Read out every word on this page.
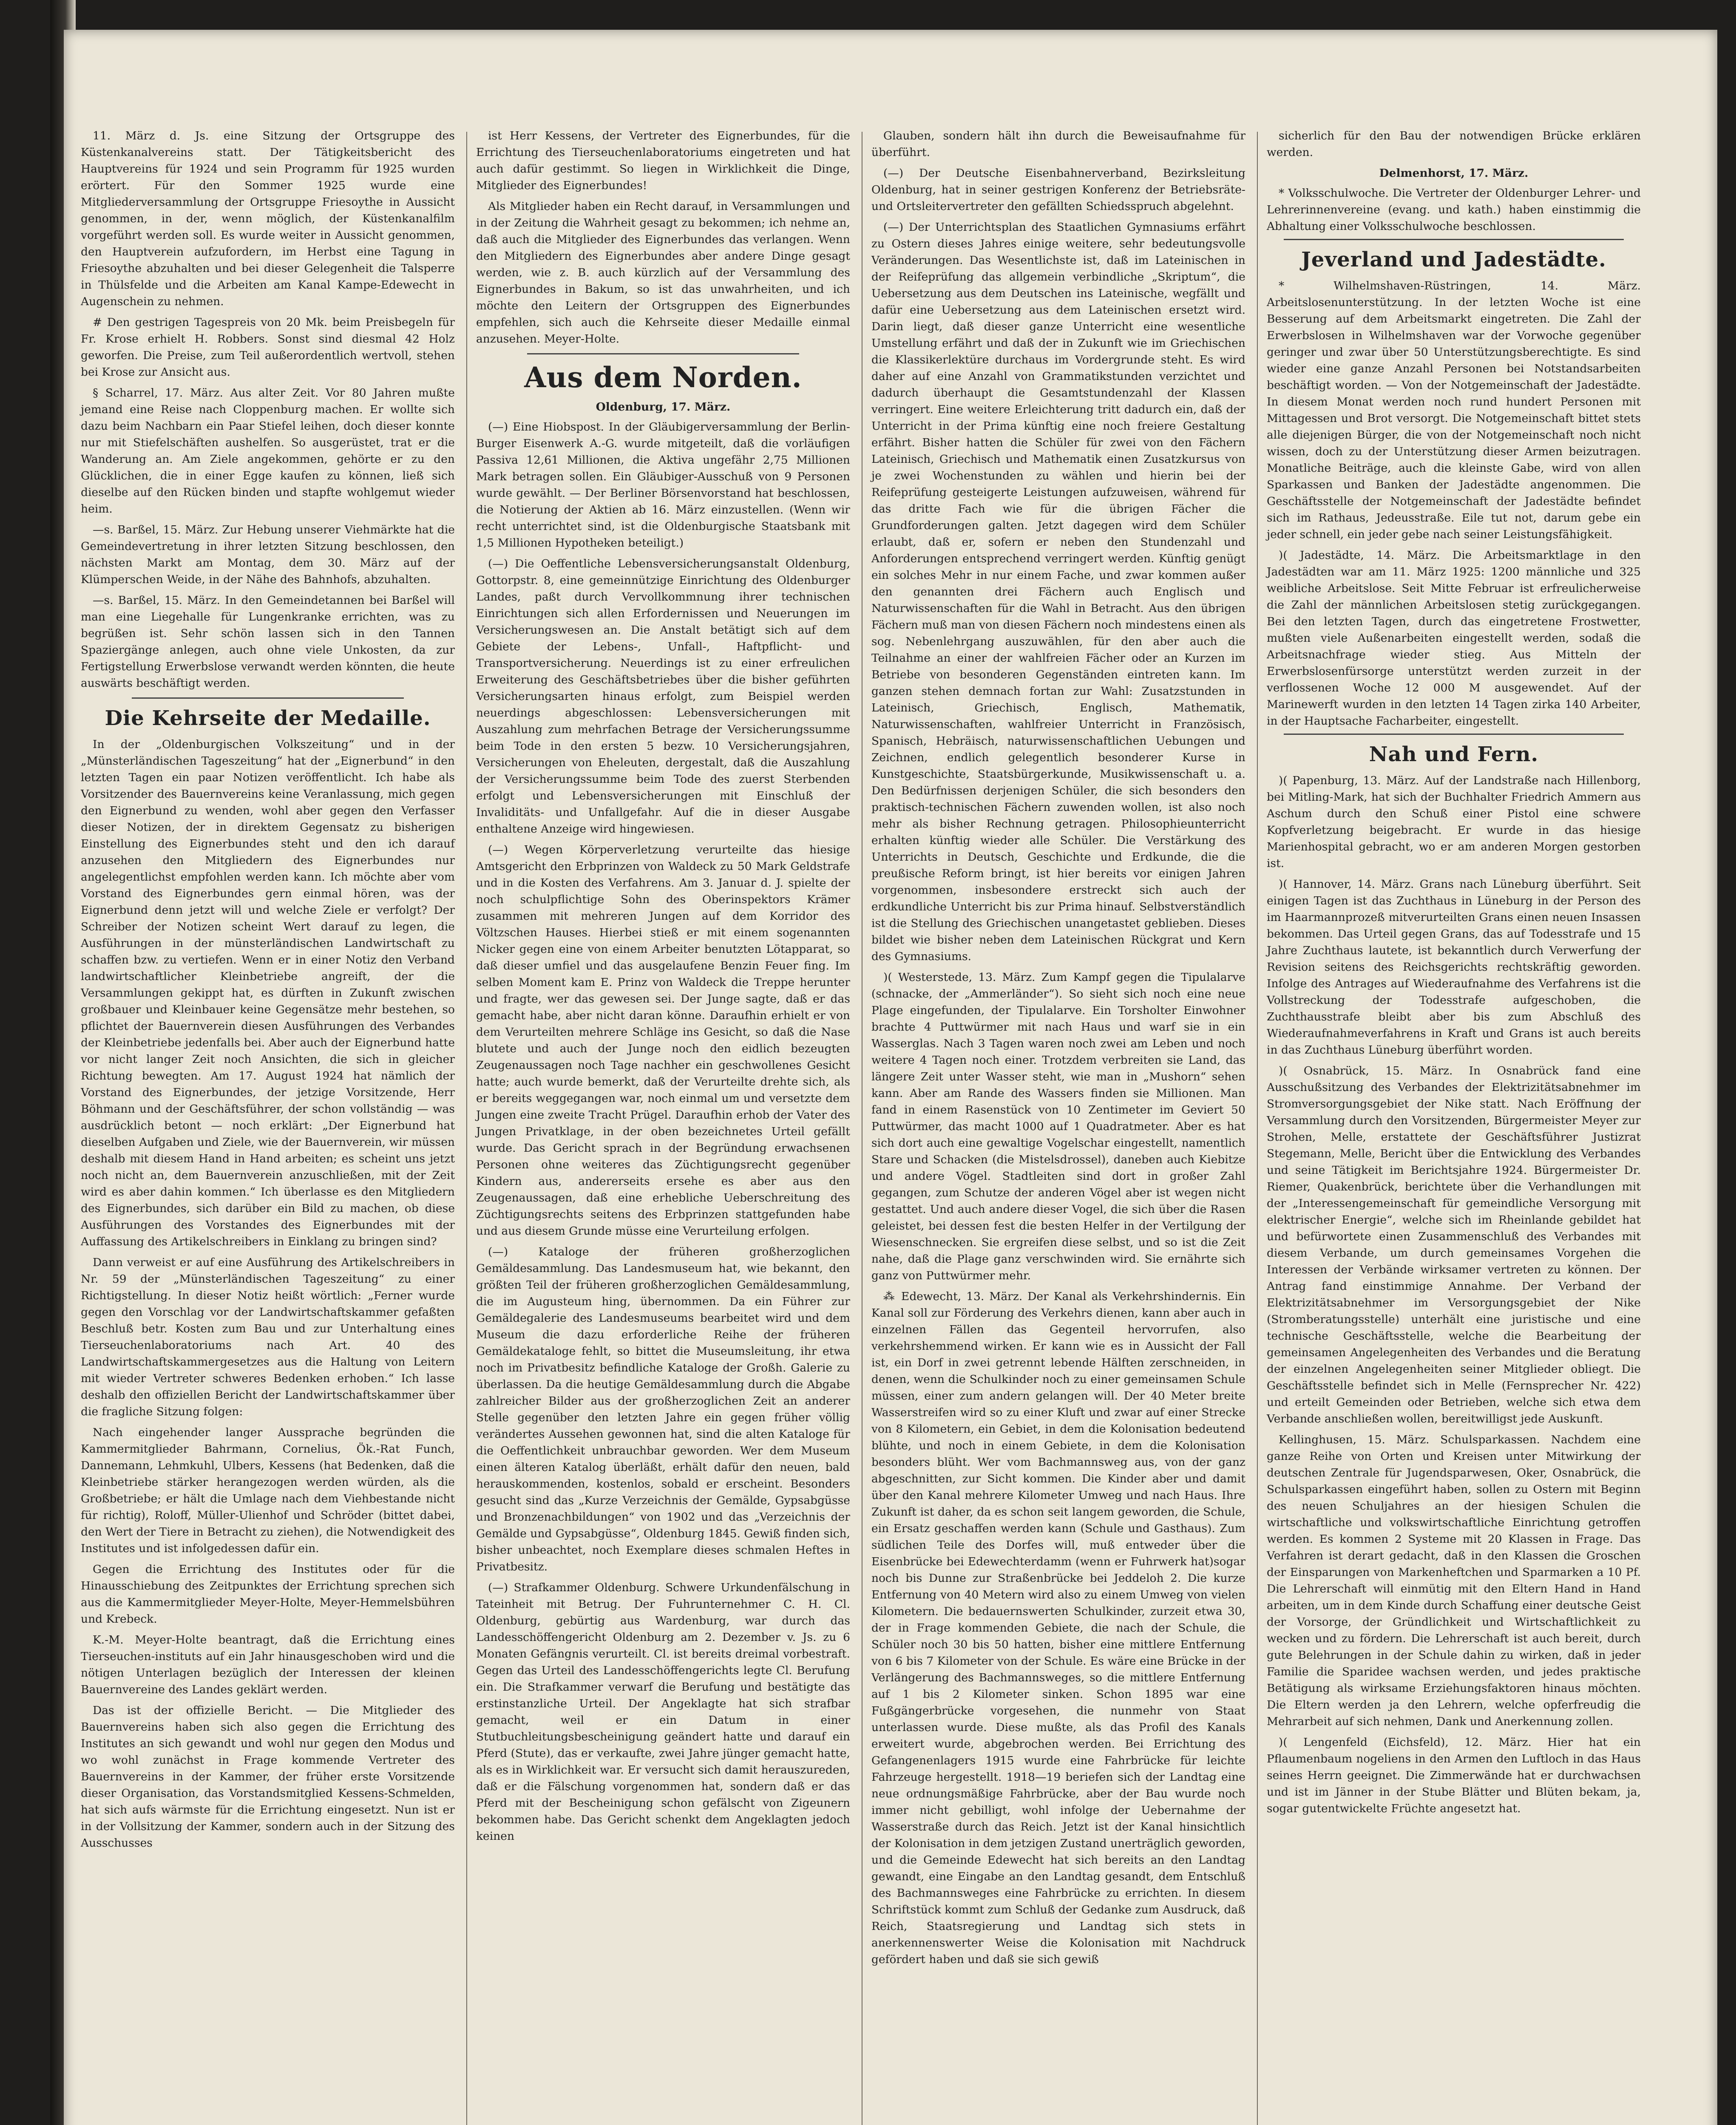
11. März d. Js. eine Sitzung der Ortsgruppe des Küstenkanalvereins statt. Der Tätigkeitsbericht des Hauptvereins für 1924 und sein Programm für 1925 wurden erörtert. Für den Sommer 1925 wurde eine Mitgliederversammlung der Ortsgruppe Friesoythe in Aussicht genommen, in der, wenn möglich, der Küstenkanalfilm vorgeführt werden soll. Es wurde weiter in Aussicht genommen, den Hauptverein aufzufordern, im Herbst eine Tagung in Friesoythe abzuhalten und bei dieser Gelegenheit die Talsperre in Thülsfelde und die Arbeiten am Kanal Kampe-Edewecht in Augenschein zu nehmen.

# Den gestrigen Tagespreis von 20 Mk. beim Preisbegeln für Fr. Krose erhielt H. Robbers. Sonst sind diesmal 42 Holz geworfen. Die Preise, zum Teil außerordentlich wertvoll, stehen bei Krose zur Ansicht aus.

§ Scharrel, 17. März. Aus alter Zeit. Vor 80 Jahren mußte jemand eine Reise nach Cloppenburg machen. Er wollte sich dazu beim Nachbarn ein Paar Stiefel leihen, doch dieser konnte nur mit Stiefelschäften aushelfen. So ausgerüstet, trat er die Wanderung an. Am Ziele angekommen, gehörte er zu den Glücklichen, die in einer Egge kaufen zu können, ließ sich dieselbe auf den Rücken binden und stapfte wohlgemut wieder heim.

—s. Barßel, 15. März. Zur Hebung unserer Viehmärkte hat die Gemeindevertretung in ihrer letzten Sitzung beschlossen, den nächsten Markt am Montag, dem 30. März auf der Klümperschen Weide, in der Nähe des Bahnhofs, abzuhalten.

—s. Barßel, 15. März. In den Gemeindetannen bei Barßel will man eine Liegehalle für Lungenkranke errichten, was zu begrüßen ist. Sehr schön lassen sich in den Tannen Spaziergänge anlegen, auch ohne viele Unkosten, da zur Fertigstellung Erwerbslose verwandt werden könnten, die heute auswärts beschäftigt werden.

Die Kehrseite der Medaille.

In der „Oldenburgischen Volkszeitung“ und in der „Münsterländischen Tageszeitung“ hat der „Eignerbund“ in den letzten Tagen ein paar Notizen veröffentlicht. Ich habe als Vorsitzender des Bauernvereins keine Veranlassung, mich gegen den Eignerbund zu wenden, wohl aber gegen den Verfasser dieser Notizen, der in direktem Gegensatz zu bisherigen Einstellung des Eignerbundes steht und den ich darauf anzusehen den Mitgliedern des Eignerbundes nur angelegentlichst empfohlen werden kann. Ich möchte aber vom Vorstand des Eignerbundes gern einmal hören, was der Eignerbund denn jetzt will und welche Ziele er verfolgt? Der Schreiber der Notizen scheint Wert darauf zu legen, die Ausführungen in der münsterländischen Landwirtschaft zu schaffen bzw. zu vertiefen. Wenn er in einer Notiz den Verband landwirtschaftlicher Kleinbetriebe angreift, der die Versammlungen gekippt hat, es dürften in Zukunft zwischen großbauer und Kleinbauer keine Gegensätze mehr bestehen, so pflichtet der Bauernverein diesen Ausführungen des Verbandes der Kleinbetriebe jedenfalls bei. Aber auch der Eignerbund hatte vor nicht langer Zeit noch Ansichten, die sich in gleicher Richtung bewegten. Am 17. August 1924 hat nämlich der Vorstand des Eignerbundes, der jetzige Vorsitzende, Herr Böhmann und der Geschäftsführer, der schon vollständig — was ausdrücklich betont — noch erklärt: „Der Eignerbund hat dieselben Aufgaben und Ziele, wie der Bauernverein, wir müssen deshalb mit diesem Hand in Hand arbeiten; es scheint uns jetzt noch nicht an, dem Bauernverein anzuschließen, mit der Zeit wird es aber dahin kommen.“ Ich überlasse es den Mitgliedern des Eignerbundes, sich darüber ein Bild zu machen, ob diese Ausführungen des Vorstandes des Eignerbundes mit der Auffassung des Artikelschreibers in Einklang zu bringen sind?

Dann verweist er auf eine Ausführung des Artikelschreibers in Nr. 59 der „Münsterländischen Tageszeitung“ zu einer Richtigstellung. In dieser Notiz heißt wörtlich: „Ferner wurde gegen den Vorschlag vor der Landwirtschaftskammer gefaßten Beschluß betr. Kosten zum Bau und zur Unterhaltung eines Tierseuchenlaboratoriums nach Art. 40 des Landwirtschaftskammergesetzes aus die Haltung von Leitern mit wieder Vertreter schweres Bedenken erhoben.“ Ich lasse deshalb den offiziellen Bericht der Landwirtschaftskammer über die fragliche Sitzung folgen:

Nach eingehender langer Aussprache begründen die Kammermitglieder Bahrmann, Cornelius, Ök.-Rat Funch, Dannemann, Lehmkuhl, Ulbers, Kessens (hat Bedenken, daß die Kleinbetriebe stärker herangezogen werden würden, als die Großbetriebe; er hält die Umlage nach dem Viehbestande nicht für richtig), Roloff, Müller-Ulienhof und Schröder (bittet dabei, den Wert der Tiere in Betracht zu ziehen), die Notwendigkeit des Institutes und ist infolgedessen dafür ein.

Gegen die Errichtung des Institutes oder für die Hinausschiebung des Zeitpunktes der Errichtung sprechen sich aus die Kammermitglieder Meyer-Holte, Meyer-Hemmelsbühren und Krebeck.

K.-M. Meyer-Holte beantragt, daß die Errichtung eines Tierseuchen-instituts auf ein Jahr hinausgeschoben wird und die nötigen Unterlagen bezüglich der Interessen der kleinen Bauernvereine des Landes geklärt werden.

Das ist der offizielle Bericht. — Die Mitglieder des Bauernvereins haben sich also gegen die Errichtung des Institutes an sich gewandt und wohl nur gegen den Modus und wo wohl zunächst in Frage kommende Vertreter des Bauernvereins in der Kammer, der früher erste Vorsitzende dieser Organisation, das Vorstandsmitglied Kessens-Schmelden, hat sich aufs wärmste für die Errichtung eingesetzt. Nun ist er in der Vollsitzung der Kammer, sondern auch in der Sitzung des Ausschusses

ist Herr Kessens, der Vertreter des Eignerbundes, für die Errichtung des Tierseuchenlaboratoriums eingetreten und hat auch dafür gestimmt. So liegen in Wirklichkeit die Dinge, Mitglieder des Eignerbundes!

Als Mitglieder haben ein Recht darauf, in Versammlungen und in der Zeitung die Wahrheit gesagt zu bekommen; ich nehme an, daß auch die Mitglieder des Eignerbundes das verlangen. Wenn den Mitgliedern des Eignerbundes aber andere Dinge gesagt werden, wie z. B. auch kürzlich auf der Versammlung des Eignerbundes in Bakum, so ist das unwahrheiten, und ich möchte den Leitern der Ortsgruppen des Eignerbundes empfehlen, sich auch die Kehrseite dieser Medaille einmal anzusehen. Meyer-Holte.

Aus dem Norden.
Oldenburg, 17. März.

(—) Eine Hiobspost. In der Gläubigerversammlung der Berlin-Burger Eisenwerk A.-G. wurde mitgeteilt, daß die vorläufigen Passiva 12,61 Millionen, die Aktiva ungefähr 2,75 Millionen Mark betragen sollen. Ein Gläubiger-Ausschuß von 9 Personen wurde gewählt. — Der Berliner Börsenvorstand hat beschlossen, die Notierung der Aktien ab 16. März einzustellen. (Wenn wir recht unterrichtet sind, ist die Oldenburgische Staatsbank mit 1,5 Millionen Hypotheken beteiligt.)

(—) Die Oeffentliche Lebensversicherungsanstalt Oldenburg, Gottorpstr. 8, eine gemeinnützige Einrichtung des Oldenburger Landes, paßt durch Vervollkommnung ihrer technischen Einrichtungen sich allen Erfordernissen und Neuerungen im Versicherungswesen an. Die Anstalt betätigt sich auf dem Gebiete der Lebens-, Unfall-, Haftpflicht- und Transportversicherung. Neuerdings ist zu einer erfreulichen Erweiterung des Geschäftsbetriebes über die bisher geführten Versicherungsarten hinaus erfolgt, zum Beispiel werden neuerdings abgeschlossen: Lebensversicherungen mit Auszahlung zum mehrfachen Betrage der Versicherungssumme beim Tode in den ersten 5 bezw. 10 Versicherungsjahren, Versicherungen von Eheleuten, dergestalt, daß die Auszahlung der Versicherungssumme beim Tode des zuerst Sterbenden erfolgt und Lebensversicherungen mit Einschluß der Invaliditäts- und Unfallgefahr. Auf die in dieser Ausgabe enthaltene Anzeige wird hingewiesen.

(—) Wegen Körperverletzung verurteilte das hiesige Amtsgericht den Erbprinzen von Waldeck zu 50 Mark Geldstrafe und in die Kosten des Verfahrens. Am 3. Januar d. J. spielte der noch schulpflichtige Sohn des Oberinspektors Krämer zusammen mit mehreren Jungen auf dem Korridor des Völtzschen Hauses. Hierbei stieß er mit einem sogenannten Nicker gegen eine von einem Arbeiter benutzten Lötapparat, so daß dieser umfiel und das ausgelaufene Benzin Feuer fing. Im selben Moment kam E. Prinz von Waldeck die Treppe herunter und fragte, wer das gewesen sei. Der Junge sagte, daß er das gemacht habe, aber nicht daran könne. Daraufhin erhielt er von dem Verurteilten mehrere Schläge ins Gesicht, so daß die Nase blutete und auch der Junge noch den eidlich bezeugten Zeugenaussagen noch Tage nachher ein geschwollenes Gesicht hatte; auch wurde bemerkt, daß der Verurteilte drehte sich, als er bereits weggegangen war, noch einmal um und versetzte dem Jungen eine zweite Tracht Prügel. Daraufhin erhob der Vater des Jungen Privatklage, in der oben bezeichnetes Urteil gefällt wurde. Das Gericht sprach in der Begründung erwachsenen Personen ohne weiteres das Züchtigungsrecht gegenüber Kindern aus, andererseits ersehe es aber aus den Zeugenaussagen, daß eine erhebliche Ueberschreitung des Züchtigungsrechts seitens des Erbprinzen stattgefunden habe und aus diesem Grunde müsse eine Verurteilung erfolgen.

(—) Kataloge der früheren großherzoglichen Gemäldesammlung. Das Landesmuseum hat, wie bekannt, den größten Teil der früheren großherzoglichen Gemäldesammlung, die im Augusteum hing, übernommen. Da ein Führer zur Gemäldegalerie des Landesmuseums bearbeitet wird und dem Museum die dazu erforderliche Reihe der früheren Gemäldekataloge fehlt, so bittet die Museumsleitung, ihr etwa noch im Privatbesitz befindliche Kataloge der Großh. Galerie zu überlassen. Da die heutige Gemäldesammlung durch die Abgabe zahlreicher Bilder aus der großherzoglichen Zeit an anderer Stelle gegenüber den letzten Jahre ein gegen früher völlig verändertes Aussehen gewonnen hat, sind die alten Kataloge für die Oeffentlichkeit unbrauchbar geworden. Wer dem Museum einen älteren Katalog überläßt, erhält dafür den neuen, bald herauskommenden, kostenlos, sobald er erscheint. Besonders gesucht sind das „Kurze Verzeichnis der Gemälde, Gypsabgüsse und Bronzenachbildungen“ von 1902 und das „Verzeichnis der Gemälde und Gypsabgüsse“, Oldenburg 1845. Gewiß finden sich, bisher unbeachtet, noch Exemplare dieses schmalen Heftes in Privatbesitz.

(—) Strafkammer Oldenburg. Schwere Urkundenfälschung in Tateinheit mit Betrug. Der Fuhrunternehmer C. H. Cl. Oldenburg, gebürtig aus Wardenburg, war durch das Landesschöffengericht Oldenburg am 2. Dezember v. Js. zu 6 Monaten Gefängnis verurteilt. Cl. ist bereits dreimal vorbestraft. Gegen das Urteil des Landesschöffengerichts legte Cl. Berufung ein. Die Strafkammer verwarf die Berufung und bestätigte das erstinstanzliche Urteil. Der Angeklagte hat sich strafbar gemacht, weil er ein Datum in einer Stutbuchleitungsbescheinigung geändert hatte und darauf ein Pferd (Stute), das er verkaufte, zwei Jahre jünger gemacht hatte, als es in Wirklichkeit war. Er versucht sich damit herauszureden, daß er die Fälschung vorgenommen hat, sondern daß er das Pferd mit der Bescheinigung schon gefälscht von Zigeunern bekommen habe. Das Gericht schenkt dem Angeklagten jedoch keinen

Glauben, sondern hält ihn durch die Beweisaufnahme für überführt.

(—) Der Deutsche Eisenbahnerverband, Bezirksleitung Oldenburg, hat in seiner gestrigen Konferenz der Betriebsräte- und Ortsleitervertreter den gefällten Schiedsspruch abgelehnt.

(—) Der Unterrichtsplan des Staatlichen Gymnasiums erfährt zu Ostern dieses Jahres einige weitere, sehr bedeutungsvolle Veränderungen. Das Wesentlichste ist, daß im Lateinischen in der Reifeprüfung das allgemein verbindliche „Skriptum“, die Uebersetzung aus dem Deutschen ins Lateinische, wegfällt und dafür eine Uebersetzung aus dem Lateinischen ersetzt wird. Darin liegt, daß dieser ganze Unterricht eine wesentliche Umstellung erfährt und daß der in Zukunft wie im Griechischen die Klassikerlektüre durchaus im Vordergrunde steht. Es wird daher auf eine Anzahl von Grammatikstunden verzichtet und dadurch überhaupt die Gesamtstundenzahl der Klassen verringert. Eine weitere Erleichterung tritt dadurch ein, daß der Unterricht in der Prima künftig eine noch freiere Gestaltung erfährt. Bisher hatten die Schüler für zwei von den Fächern Lateinisch, Griechisch und Mathematik einen Zusatzkursus von je zwei Wochenstunden zu wählen und hierin bei der Reifeprüfung gesteigerte Leistungen aufzuweisen, während für das dritte Fach wie für die übrigen Fächer die Grundforderungen galten. Jetzt dagegen wird dem Schüler erlaubt, daß er, sofern er neben den Stundenzahl und Anforderungen entsprechend verringert werden. Künftig genügt ein solches Mehr in nur einem Fache, und zwar kommen außer den genannten drei Fächern auch Englisch und Naturwissenschaften für die Wahl in Betracht. Aus den übrigen Fächern muß man von diesen Fächern noch mindestens einen als sog. Nebenlehrgang auszuwählen, für den aber auch die Teilnahme an einer der wahlfreien Fächer oder an Kurzen im Betriebe von besonderen Gegenständen eintreten kann. Im ganzen stehen demnach fortan zur Wahl: Zusatzstunden in Lateinisch, Griechisch, Englisch, Mathematik, Naturwissenschaften, wahlfreier Unterricht in Französisch, Spanisch, Hebräisch, naturwissenschaftlichen Uebungen und Zeichnen, endlich gelegentlich besonderer Kurse in Kunstgeschichte, Staatsbürgerkunde, Musikwissenschaft u. a. Den Bedürfnissen derjenigen Schüler, die sich besonders den praktisch-technischen Fächern zuwenden wollen, ist also noch mehr als bisher Rechnung getragen. Philosophieunterricht erhalten künftig wieder alle Schüler. Die Verstärkung des Unterrichts in Deutsch, Geschichte und Erdkunde, die die preußische Reform bringt, ist hier bereits vor einigen Jahren vorgenommen, insbesondere erstreckt sich auch der erdkundliche Unterricht bis zur Prima hinauf. Selbstverständlich ist die Stellung des Griechischen unangetastet geblieben. Dieses bildet wie bisher neben dem Lateinischen Rückgrat und Kern des Gymnasiums.

)( Westerstede, 13. März. Zum Kampf gegen die Tipulalarve (schnacke, der „Ammerländer“). So sieht sich noch eine neue Plage eingefunden, der Tipulalarve. Ein Torsholter Einwohner brachte 4 Puttwürmer mit nach Haus und warf sie in ein Wasserglas. Nach 3 Tagen waren noch zwei am Leben und noch weitere 4 Tagen noch einer. Trotzdem verbreiten sie Land, das längere Zeit unter Wasser steht, wie man in „Mushorn“ sehen kann. Aber am Rande des Wassers finden sie Millionen. Man fand in einem Rasenstück von 10 Zentimeter im Geviert 50 Puttwürmer, das macht 1000 auf 1 Quadratmeter. Aber es hat sich dort auch eine gewaltige Vogelschar eingestellt, namentlich Stare und Schacken (die Mistelsdrossel), daneben auch Kiebitze und andere Vögel. Stadtleiten sind dort in großer Zahl gegangen, zum Schutze der anderen Vögel aber ist wegen nicht gestattet. Und auch andere dieser Vogel, die sich über die Rasen geleistet, bei dessen fest die besten Helfer in der Vertilgung der Wiesenschnecken. Sie ergreifen diese selbst, und so ist die Zeit nahe, daß die Plage ganz verschwinden wird. Sie ernährte sich ganz von Puttwürmer mehr.

⁂ Edewecht, 13. März. Der Kanal als Verkehrshindernis. Ein Kanal soll zur Förderung des Verkehrs dienen, kann aber auch in einzelnen Fällen das Gegenteil hervorrufen, also verkehrshemmend wirken. Er kann wie es in Aussicht der Fall ist, ein Dorf in zwei getrennt lebende Hälften zerschneiden, in denen, wenn die Schulkinder noch zu einer gemeinsamen Schule müssen, einer zum andern gelangen will. Der 40 Meter breite Wasserstreifen wird so zu einer Kluft und zwar auf einer Strecke von 8 Kilometern, ein Gebiet, in dem die Kolonisation bedeutend blühte, und noch in einem Gebiete, in dem die Kolonisation besonders blüht. Wer vom Bachmannsweg aus, von der ganz abgeschnitten, zur Sicht kommen. Die Kinder aber und damit über den Kanal mehrere Kilometer Umweg und nach Haus. Ihre Zukunft ist daher, da es schon seit langem geworden, die Schule, ein Ersatz geschaffen werden kann (Schule und Gasthaus). Zum südlichen Teile des Dorfes will, muß entweder über die Eisenbrücke bei Edewechterdamm (wenn er Fuhrwerk hat)sogar noch bis Dunne zur Straßenbrücke bei Jeddeloh 2. Die kurze Entfernung von 40 Metern wird also zu einem Umweg von vielen Kilometern. Die bedauernswerten Schulkinder, zurzeit etwa 30, der in Frage kommenden Gebiete, die nach der Schule, die Schüler noch 30 bis 50 hatten, bisher eine mittlere Entfernung von 6 bis 7 Kilometer von der Schule. Es wäre eine Brücke in der Verlängerung des Bachmannsweges, so die mittlere Entfernung auf 1 bis 2 Kilometer sinken. Schon 1895 war eine Fußgängerbrücke vorgesehen, die nunmehr von Staat unterlassen wurde. Diese mußte, als das Profil des Kanals erweitert wurde, abgebrochen werden. Bei Errichtung des Gefangenenlagers 1915 wurde eine Fahrbrücke für leichte Fahrzeuge hergestellt. 1918—19 beriefen sich der Landtag eine neue ordnungsmäßige Fahrbrücke, aber der Bau wurde noch immer nicht gebilligt, wohl infolge der Uebernahme der Wasserstraße durch das Reich. Jetzt ist der Kanal hinsichtlich der Kolonisation in dem jetzigen Zustand unerträglich geworden, und die Gemeinde Edewecht hat sich bereits an den Landtag gewandt, eine Eingabe an den Landtag gesandt, dem Entschluß des Bachmannsweges eine Fahrbrücke zu errichten. In diesem Schriftstück kommt zum Schluß der Gedanke zum Ausdruck, daß Reich, Staatsregierung und Landtag sich stets in anerkennenswerter Weise die Kolonisation mit Nachdruck gefördert haben und daß sie sich gewiß

sicherlich für den Bau der notwendigen Brücke erklären werden.

Delmenhorst, 17. März.

* Volksschulwoche. Die Vertreter der Oldenburger Lehrer- und Lehrerinnenvereine (evang. und kath.) haben einstimmig die Abhaltung einer Volksschulwoche beschlossen.

Jeverland und Jadestädte.

* Wilhelmshaven-Rüstringen, 14. März. Arbeitslosenunterstützung. In der letzten Woche ist eine Besserung auf dem Arbeitsmarkt eingetreten. Die Zahl der Erwerbslosen in Wilhelmshaven war der Vorwoche gegenüber geringer und zwar über 50 Unterstützungsberechtigte. Es sind wieder eine ganze Anzahl Personen bei Notstandsarbeiten beschäftigt worden. — Von der Notgemeinschaft der Jadestädte. In diesem Monat werden noch rund hundert Personen mit Mittagessen und Brot versorgt. Die Notgemeinschaft bittet stets alle diejenigen Bürger, die von der Notgemeinschaft noch nicht wissen, doch zu der Unterstützung dieser Armen beizutragen. Monatliche Beiträge, auch die kleinste Gabe, wird von allen Sparkassen und Banken der Jadestädte angenommen. Die Geschäftsstelle der Notgemeinschaft der Jadestädte befindet sich im Rathaus, Jedeusstraße. Eile tut not, darum gebe ein jeder schnell, ein jeder gebe nach seiner Leistungsfähigkeit.

)( Jadestädte, 14. März. Die Arbeitsmarktlage in den Jadestädten war am 11. März 1925: 1200 männliche und 325 weibliche Arbeitslose. Seit Mitte Februar ist erfreulicherweise die Zahl der männlichen Arbeitslosen stetig zurückgegangen. Bei den letzten Tagen, durch das eingetretene Frostwetter, mußten viele Außenarbeiten eingestellt werden, sodaß die Arbeitsnachfrage wieder stieg. Aus Mitteln der Erwerbslosenfürsorge unterstützt werden zurzeit in der verflossenen Woche 12 000 M ausgewendet. Auf der Marinewerft wurden in den letzten 14 Tagen zirka 140 Arbeiter, in der Hauptsache Facharbeiter, eingestellt.

Nah und Fern.

)( Papenburg, 13. März. Auf der Landstraße nach Hillenborg, bei Mitling-Mark, hat sich der Buchhalter Friedrich Ammern aus Aschum durch den Schuß einer Pistol eine schwere Kopfverletzung beigebracht. Er wurde in das hiesige Marienhospital gebracht, wo er am anderen Morgen gestorben ist.

)( Hannover, 14. März. Grans nach Lüneburg überführt. Seit einigen Tagen ist das Zuchthaus in Lüneburg in der Person des im Haarmannprozeß mitverurteilten Grans einen neuen Insassen bekommen. Das Urteil gegen Grans, das auf Todesstrafe und 15 Jahre Zuchthaus lautete, ist bekanntlich durch Verwerfung der Revision seitens des Reichsgerichts rechtskräftig geworden. Infolge des Antrages auf Wiederaufnahme des Verfahrens ist die Vollstreckung der Todesstrafe aufgeschoben, die Zuchthausstrafe bleibt aber bis zum Abschluß des Wiederaufnahmeverfahrens in Kraft und Grans ist auch bereits in das Zuchthaus Lüneburg überführt worden.

)( Osnabrück, 15. März. In Osnabrück fand eine Ausschußsitzung des Verbandes der Elektrizitätsabnehmer im Stromversorgungsgebiet der Nike statt. Nach Eröffnung der Versammlung durch den Vorsitzenden, Bürgermeister Meyer zur Strohen, Melle, erstattete der Geschäftsführer Justizrat Stegemann, Melle, Bericht über die Entwicklung des Verbandes und seine Tätigkeit im Berichtsjahre 1924. Bürgermeister Dr. Riemer, Quakenbrück, berichtete über die Verhandlungen mit der „Interessengemeinschaft für gemeindliche Versorgung mit elektrischer Energie“, welche sich im Rheinlande gebildet hat und befürwortete einen Zusammenschluß des Verbandes mit diesem Verbande, um durch gemeinsames Vorgehen die Interessen der Verbände wirksamer vertreten zu können. Der Antrag fand einstimmige Annahme. Der Verband der Elektrizitätsabnehmer im Versorgungsgebiet der Nike (Stromberatungsstelle) unterhält eine juristische und eine technische Geschäftsstelle, welche die Bearbeitung der gemeinsamen Angelegenheiten des Verbandes und die Beratung der einzelnen Angelegenheiten seiner Mitglieder obliegt. Die Geschäftsstelle befindet sich in Melle (Fernsprecher Nr. 422) und erteilt Gemeinden oder Betrieben, welche sich etwa dem Verbande anschließen wollen, bereitwilligst jede Auskunft.

Kellinghusen, 15. März. Schulsparkassen. Nachdem eine ganze Reihe von Orten und Kreisen unter Mitwirkung der deutschen Zentrale für Jugendsparwesen, Oker, Osnabrück, die Schulsparkassen eingeführt haben, sollen zu Ostern mit Beginn des neuen Schuljahres an der hiesigen Schulen die wirtschaftliche und volkswirtschaftliche Einrichtung getroffen werden. Es kommen 2 Systeme mit 20 Klassen in Frage. Das Verfahren ist derart gedacht, daß in den Klassen die Groschen der Einsparungen von Markenheftchen und Sparmarken a 10 Pf. Die Lehrerschaft will einmütig mit den Eltern Hand in Hand arbeiten, um in dem Kinde durch Schaffung einer deutsche Geist der Vorsorge, der Gründlichkeit und Wirtschaftlichkeit zu wecken und zu fördern. Die Lehrerschaft ist auch bereit, durch gute Belehrungen in der Schule dahin zu wirken, daß in jeder Familie die Sparidee wachsen werden, und jedes praktische Betätigung als wirksame Erziehungsfaktoren hinaus möchten. Die Eltern werden ja den Lehrern, welche opferfreudig die Mehrarbeit auf sich nehmen, Dank und Anerkennung zollen.

)( Lengenfeld (Eichsfeld), 12. März. Hier hat ein Pflaumenbaum nogeliens in den Armen den Luftloch in das Haus seines Herrn geeignet. Die Zimmerwände hat er durchwachsen und ist im Jänner in der Stube Blätter und Blüten bekam, ja, sogar gutentwickelte Früchte angesetzt hat.
